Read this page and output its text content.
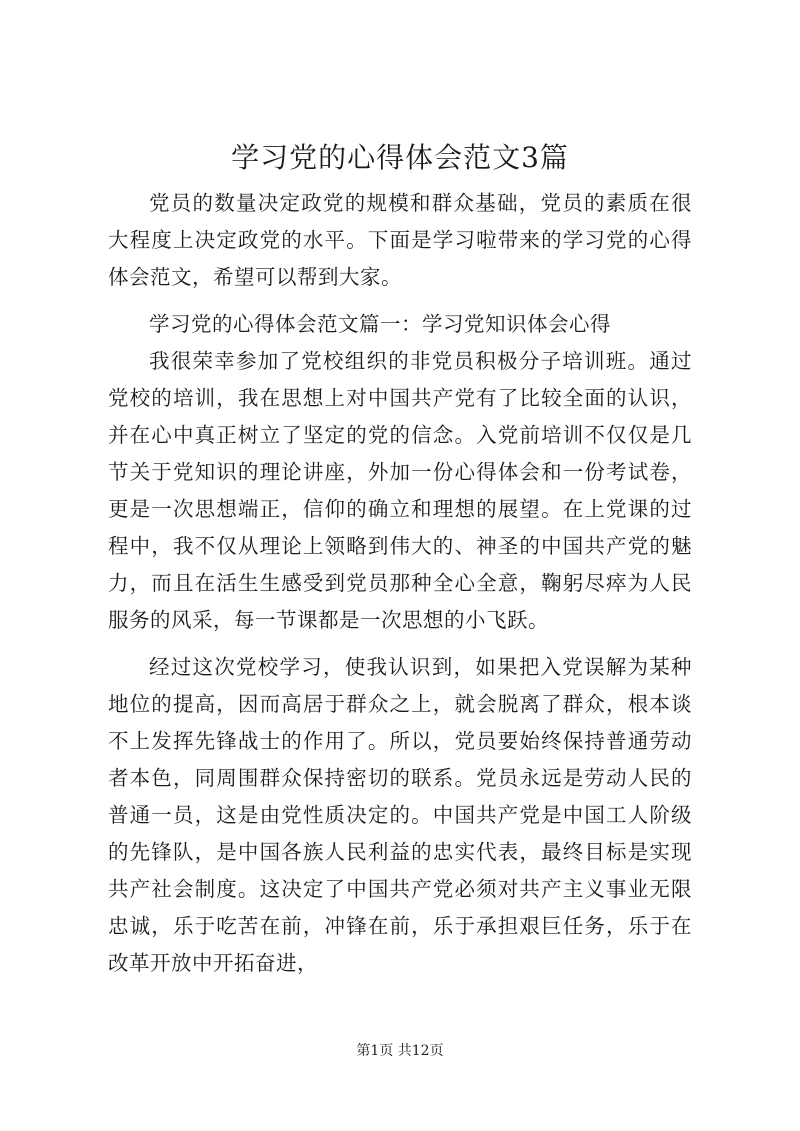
学习党的心得体会范文3篇

党员的数量决定政党的规模和群众基础，党员的素质在很大程度上决定政党的水平。下面是学习啦带来的学习党的心得体会范文，希望可以帮到大家。

学习党的心得体会范文篇一：学习党知识体会心得

我很荣幸参加了党校组织的非党员积极分子培训班。通过党校的培训，我在思想上对中国共产党有了比较全面的认识，并在心中真正树立了坚定的党的信念。入党前培训不仅仅是几节关于党知识的理论讲座，外加一份心得体会和一份考试卷，更是一次思想端正，信仰的确立和理想的展望。在上党课的过程中，我不仅从理论上领略到伟大的、神圣的中国共产党的魅力，而且在活生生感受到党员那种全心全意，鞠躬尽瘁为人民服务的风采，每一节课都是一次思想的小飞跃。

经过这次党校学习，使我认识到，如果把入党误解为某种地位的提高，因而高居于群众之上，就会脱离了群众，根本谈不上发挥先锋战士的作用了。所以，党员要始终保持普通劳动者本色，同周围群众保持密切的联系。党员永远是劳动人民的普通一员，这是由党性质决定的。中国共产党是中国工人阶级的先锋队，是中国各族人民利益的忠实代表，最终目标是实现共产社会制度。这决定了中国共产党必须对共产主义事业无限忠诚，乐于吃苦在前，冲锋在前，乐于承担艰巨任务，乐于在改革开放中开拓奋进，

第1页 共12页
